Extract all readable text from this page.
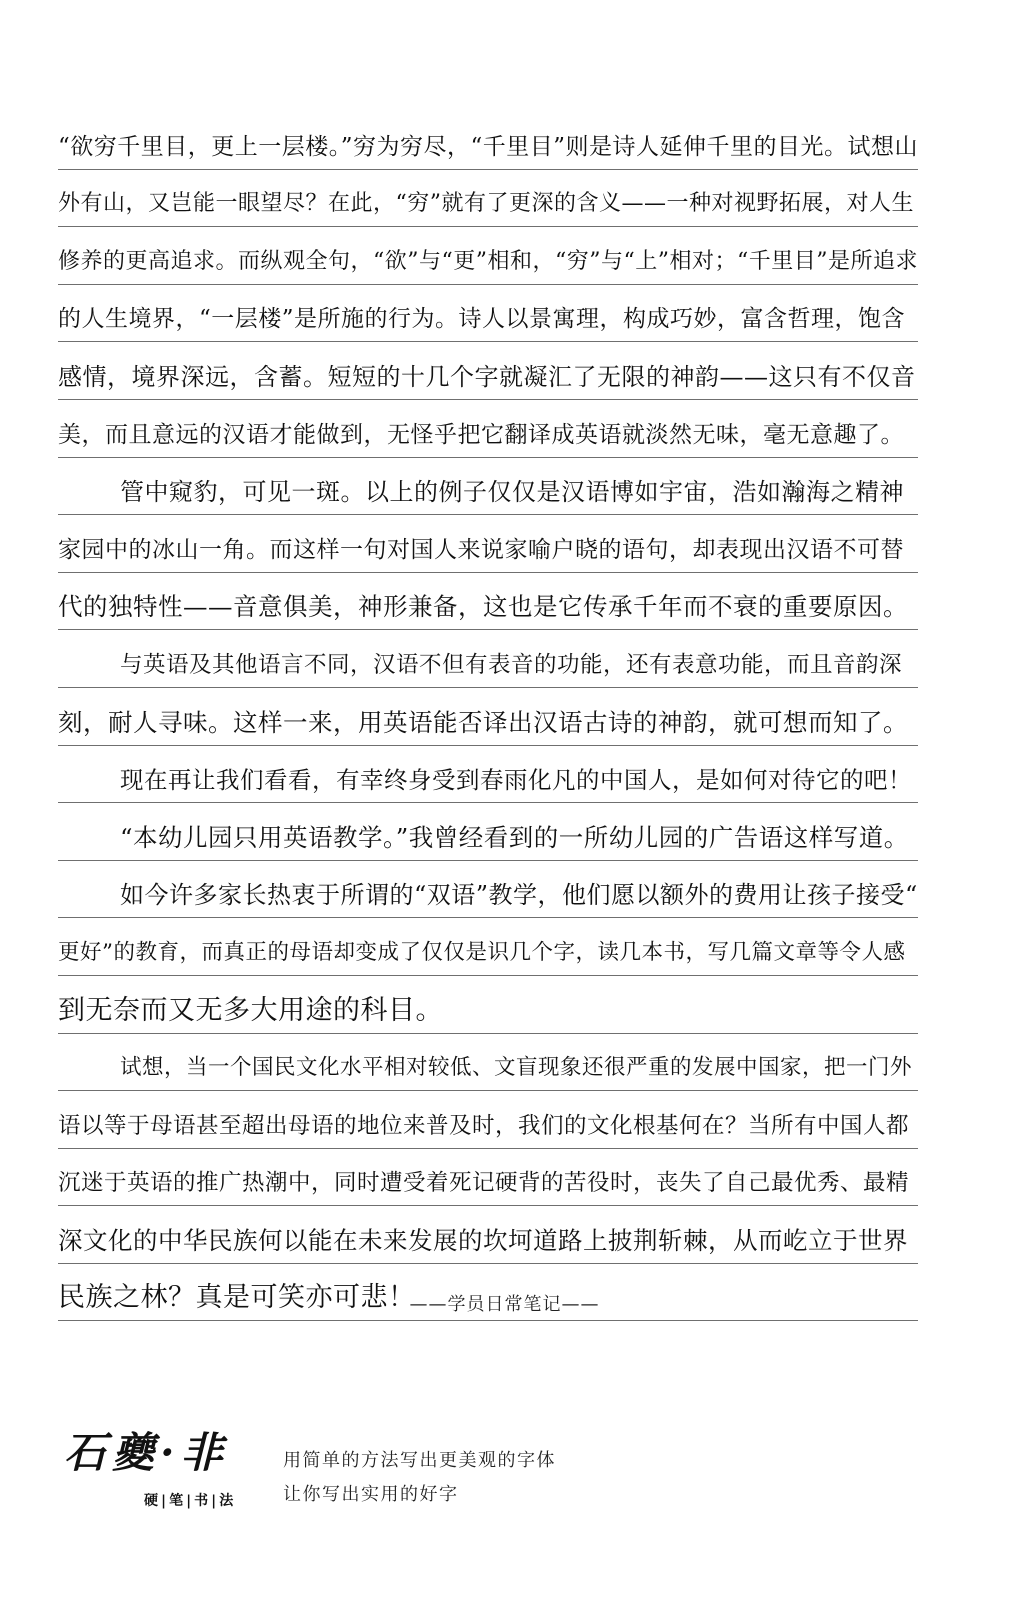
“欲穷千里目，更上一层楼。”穷为穷尽，“千里目”则是诗人延伸千里的目光。试想山
外有山，又岂能一眼望尽？在此，“穷”就有了更深的含义——一种对视野拓展，对人生
修养的更高追求。而纵观全句，“欲”与“更”相和，“穷”与“上”相对；“千里目”是所追求
的人生境界，“一层楼”是所施的行为。诗人以景寓理，构成巧妙，富含哲理，饱含
感情，境界深远，含蓄。短短的十几个字就凝汇了无限的神韵——这只有不仅音
美，而且意远的汉语才能做到，无怪乎把它翻译成英语就淡然无味，毫无意趣了。
管中窥豹，可见一斑。以上的例子仅仅是汉语博如宇宙，浩如瀚海之精神
家园中的冰山一角。而这样一句对国人来说家喻户晓的语句，却表现出汉语不可替
代的独特性——音意俱美，神形兼备，这也是它传承千年而不衰的重要原因。
与英语及其他语言不同，汉语不但有表音的功能，还有表意功能，而且音韵深
刻，耐人寻味。这样一来，用英语能否译出汉语古诗的神韵，就可想而知了。
现在再让我们看看，有幸终身受到春雨化凡的中国人，是如何对待它的吧！
“本幼儿园只用英语教学。”我曾经看到的一所幼儿园的广告语这样写道。
如今许多家长热衷于所谓的“双语”教学，他们愿以额外的费用让孩子接受“
更好”的教育，而真正的母语却变成了仅仅是识几个字，读几本书，写几篇文章等令人感
到无奈而又无多大用途的科目。
试想，当一个国民文化水平相对较低、文盲现象还很严重的发展中国家，把一门外
语以等于母语甚至超出母语的地位来普及时，我们的文化根基何在？当所有中国人都
沉迷于英语的推广热潮中，同时遭受着死记硬背的苦役时，丧失了自己最优秀、最精
深文化的中华民族何以能在未来发展的坎坷道路上披荆斩棘，从而屹立于世界
民族之林？真是可笑亦可悲！
——学员日常笔记——
石夔·非
硬|笔|书|法
用简单的方法写出更美观的字体
让你写出实用的好字
